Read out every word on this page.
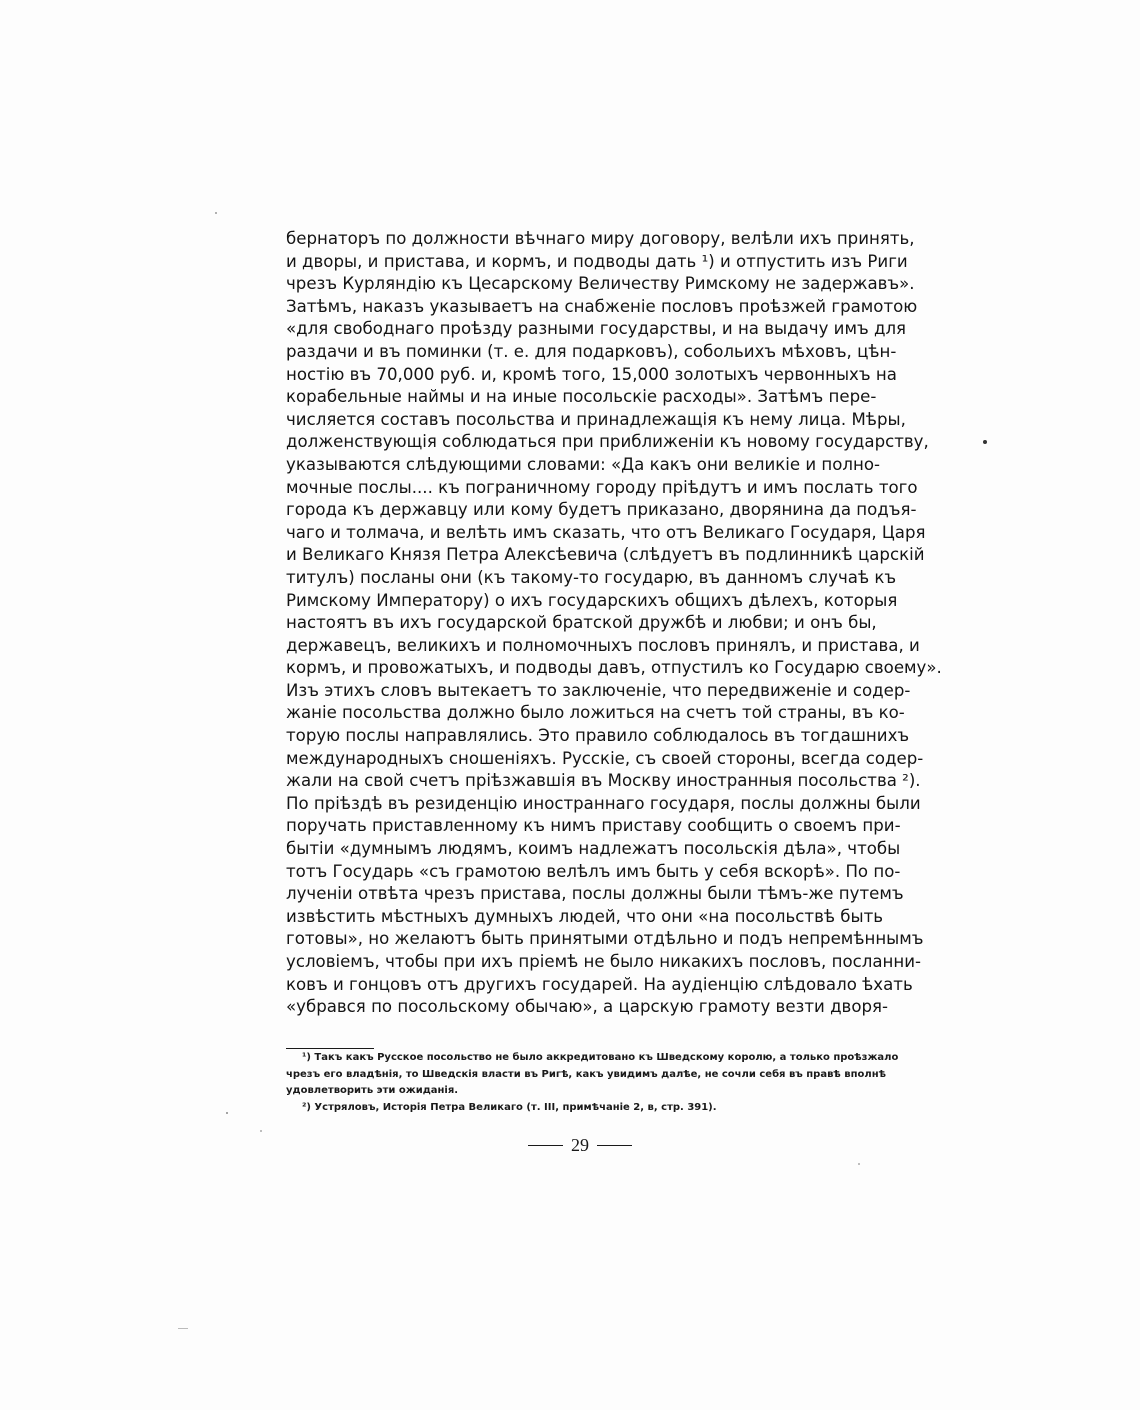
бернаторъ по должности вѣчнаго миру договору, велѣли ихъ принять,
и дворы, и пристава, и кормъ, и подводы дать ¹) и отпустить изъ Риги
чрезъ Курляндію къ Цесарскому Величеству Римскому не задержавъ».
Затѣмъ, наказъ указываетъ на снабженіе пословъ проѣзжей грамотою
«для свободнаго проѣзду разными государствы, и на выдачу имъ для
раздачи и въ поминки (т. е. для подарковъ), собольихъ мѣховъ, цѣн-
ностію въ 70,000 руб. и, кромѣ того, 15,000 золотыхъ червонныхъ на
корабельные наймы и на иные посольскіе расходы». Затѣмъ пере-
числяется составъ посольства и принадлежащія къ нему лица. Мѣры,
долженствующія соблюдаться при приближеніи къ новому государству,
указываются слѣдующими словами: «Да какъ они великіе и полно-
мочные послы.... къ пограничному городу пріѣдутъ и имъ послать того
города къ державцу или кому будетъ приказано, дворянина да подъя-
чаго и толмача, и велѣть имъ сказать, что отъ Великаго Государя, Царя
и Великаго Князя Петра Алексѣевича (слѣдуетъ въ подлинникѣ царскій
титулъ) посланы они (къ такому-то государю, въ данномъ случаѣ къ
Римскому Императору) о ихъ государскихъ общихъ дѣлехъ, которыя
настоятъ въ ихъ государской братской дружбѣ и любви; и онъ бы,
державецъ, великихъ и полномочныхъ пословъ принялъ, и пристава, и
кормъ, и провожатыхъ, и подводы давъ, отпустилъ ко Государю своему».
Изъ этихъ словъ вытекаетъ то заключеніе, что передвиженіе и содер-
жаніе посольства должно было ложиться на счетъ той страны, въ ко-
торую послы направлялись. Это правило соблюдалось въ тогдашнихъ
международныхъ сношеніяхъ. Русскіе, съ своей стороны, всегда содер-
жали на свой счетъ пріѣзжавшія въ Москву иностранныя посольства ²).
По пріѣздѣ въ резиденцію иностраннаго государя, послы должны были
поручать приставленному къ нимъ приставу сообщить о своемъ при-
бытіи «думнымъ людямъ, коимъ надлежатъ посольскія дѣла», чтобы
тотъ Государь «съ грамотою велѣлъ имъ быть у себя вскорѣ». По по-
лученіи отвѣта чрезъ пристава, послы должны были тѣмъ-же путемъ
извѣстить мѣстныхъ думныхъ людей, что они «на посольствѣ быть
готовы», но желаютъ быть принятыми отдѣльно и подъ непремѣннымъ
условіемъ, чтобы при ихъ пріемѣ не было никакихъ пословъ, посланни-
ковъ и гонцовъ отъ другихъ государей. На аудіенцію слѣдовало ѣхать
«убрався по посольскому обычаю», а царскую грамоту везти дворя-
¹) Такъ какъ Русское посольство не было аккредитовано къ Шведскому королю, а только проѣзжало
чрезъ его владѣнія, то Шведскія власти въ Ригѣ, какъ увидимъ далѣе, не сочли себя въ правѣ вполнѣ
удовлетворить эти ожиданія.
²) Устряловъ, Исторія Петра Великаго (т. III, примѣчаніе 2, в, стр. 391).
29
